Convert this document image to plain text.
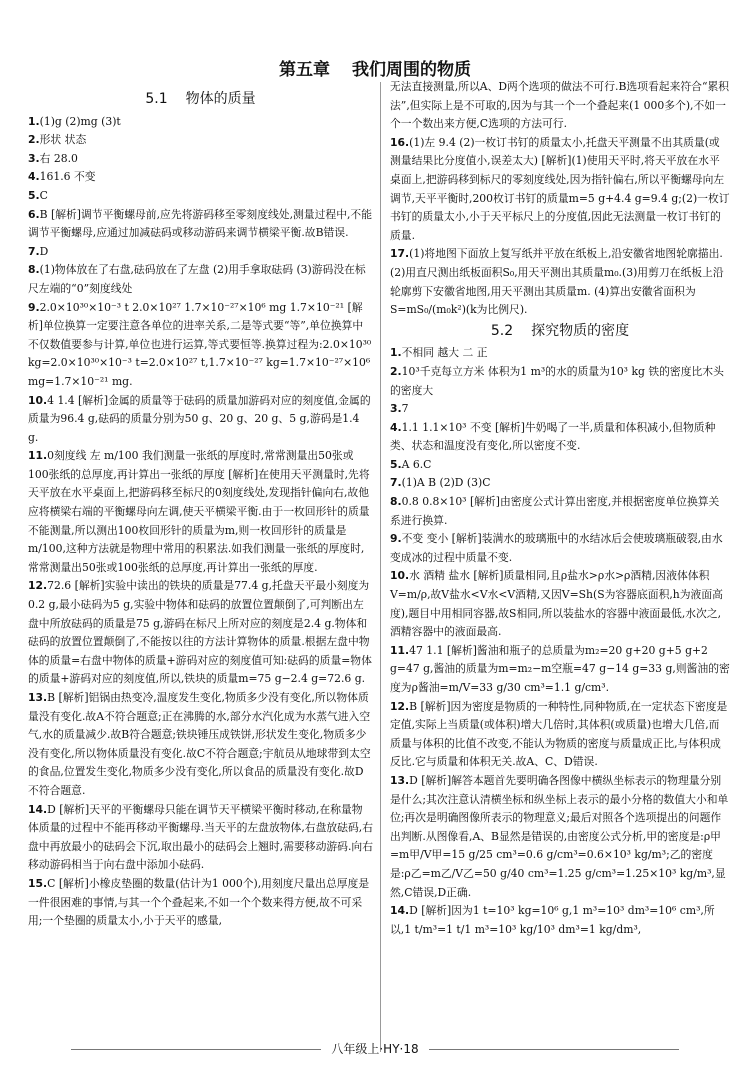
第五章 我们周围的物质
5.1 物体的质量

1.(1)g (2)mg (3)t

2.形状 状态

3.右 28.0

4.161.6 不变

5.C

6.B [解析]调节平衡螺母前,应先将游码移至零刻度线处,测量过程中,不能调节平衡螺母,应通过加减砝码或移动游码来调节横梁平衡.故B错误.

7.D

8.(1)物体放在了右盘,砝码放在了左盘 (2)用手拿取砝码 (3)游码没在标尺左端的“0”刻度线处

9.2.0×10³⁰×10⁻³ t 2.0×10²⁷ 1.7×10⁻²⁷×10⁶ mg 1.7×10⁻²¹ [解析]单位换算一定要注意各单位的进率关系,二是等式要“等”,单位换算中不仅数值要参与计算,单位也进行运算,等式要恒等.换算过程为:2.0×10³⁰ kg=2.0×10³⁰×10⁻³ t=2.0×10²⁷ t,1.7×10⁻²⁷ kg=1.7×10⁻²⁷×10⁶ mg=1.7×10⁻²¹ mg.

10.4 1.4 [解析]金属的质量等于砝码的质量加游码对应的刻度值,金属的质量为96.4 g,砝码的质量分别为50 g、20 g、20 g、5 g,游码是1.4 g.

11.0刻度线 左 m/100 我们测量一张纸的厚度时,常常测量出50张或100张纸的总厚度,再计算出一张纸的厚度 [解析]在使用天平测量时,先将天平放在水平桌面上,把游码移至标尺的0刻度线处,发现指针偏向右,故他应将横梁右端的平衡螺母向左调,使天平横梁平衡.由于一枚回形针的质量不能测量,所以测出100枚回形针的质量为m,则一枚回形针的质量是m/100,这种方法就是物理中常用的积累法.如我们测量一张纸的厚度时,常常测量出50张或100张纸的总厚度,再计算出一张纸的厚度.

12.72.6 [解析]实验中读出的铁块的质量是77.4 g,托盘天平最小刻度为0.2 g,最小砝码为5 g,实验中物体和砝码的放置位置颠倒了,可判断出左盘中所放砝码的质量是75 g,游码在标尺上所对应的刻度是2.4 g.物体和砝码的放置位置颠倒了,不能按以往的方法计算物体的质量.根据左盘中物体的质量=右盘中物体的质量+游码对应的刻度值可知:砝码的质量=物体的质量+游码对应的刻度值,所以,铁块的质量m=75 g−2.4 g=72.6 g.

13.B [解析]铝锅由热变冷,温度发生变化,物质多少没有变化,所以物体质量没有变化.故A不符合题意;正在沸腾的水,部分水汽化成为水蒸气进入空气,水的质量减少.故B符合题意;铁块锤压成铁饼,形状发生变化,物质多少没有变化,所以物体质量没有变化.故C不符合题意;宇航员从地球带到太空的食品,位置发生变化,物质多少没有变化,所以食品的质量没有变化.故D不符合题意.

14.D [解析]天平的平衡螺母只能在调节天平横梁平衡时移动,在称量物体质量的过程中不能再移动平衡螺母.当天平的左盘放物体,右盘放砝码,右盘中再放最小的砝码会下沉,取出最小的砝码会上翘时,需要移动游码.向右移动游码相当于向右盘中添加小砝码.

15.C [解析]小橡皮垫圈的数量(估计为1 000个),用刻度尺量出总厚度是一件很困难的事情,与其一个个叠起来,不如一个个数来得方便,故不可采用;一个垫圈的质量太小,小于天平的感量,

无法直接测量,所以A、D两个选项的做法不可行.B选项看起来符合“累积法”,但实际上是不可取的,因为与其一个一个叠起来(1 000多个),不如一个一个数出来方便,C选项的方法可行.

16.(1)左 9.4 (2)一枚订书钉的质量太小,托盘天平测量不出其质量(或测量结果比分度值小,误差太大) [解析](1)使用天平时,将天平放在水平桌面上,把游码移到标尺的零刻度线处,因为指针偏右,所以平衡螺母向左调节,天平平衡时,200枚订书钉的质量m=5 g+4.4 g=9.4 g;(2)一枚订书钉的质量太小,小于天平标尺上的分度值,因此无法测量一枚订书钉的质量.

17.(1)将地图下面放上复写纸并平放在纸板上,沿安徽省地图轮廓描出.(2)用直尺测出纸板面积S₀,用天平测出其质量m₀.(3)用剪刀在纸板上沿轮廓剪下安徽省地图,用天平测出其质量m. (4)算出安徽省面积为S=mS₀/(m₀k²)(k为比例尺).

5.2 探究物质的密度

1.不相同 越大 二 正

2.10³千克每立方米 体积为1 m³的水的质量为10³ kg 铁的密度比木头的密度大

3.7

4.1.1 1.1×10³ 不变 [解析]牛奶喝了一半,质量和体积减小,但物质种类、状态和温度没有变化,所以密度不变.

5.A 6.C

7.(1)A B (2)D (3)C

8.0.8 0.8×10³ [解析]由密度公式计算出密度,并根据密度单位换算关系进行换算.

9.不变 变小 [解析]装满水的玻璃瓶中的水结冰后会使玻璃瓶破裂,由水变成冰的过程中质量不变.

10.水 酒精 盐水 [解析]质量相同,且ρ盐水>ρ水>ρ酒精,因液体体积V=m/ρ,故V盐水<V水<V酒精,又因V=Sh(S为容器底面积,h为液面高度),题目中用相同容器,故S相同,所以装盐水的容器中液面最低,水次之,酒精容器中的液面最高.

11.47 1.1 [解析]酱油和瓶子的总质量为m₂=20 g+20 g+5 g+2 g=47 g,酱油的质量为m=m₂−m空瓶=47 g−14 g=33 g,则酱油的密度为ρ酱油=m/V=33 g/30 cm³=1.1 g/cm³.

12.B [解析]因为密度是物质的一种特性,同种物质,在一定状态下密度是定值,实际上当质量(或体积)增大几倍时,其体积(或质量)也增大几倍,而质量与体积的比值不改变,不能认为物质的密度与质量成正比,与体积成反比.它与质量和体积无关.故A、C、D错误.

13.D [解析]解答本题首先要明确各图像中横纵坐标表示的物理量分别是什么;其次注意认清横坐标和纵坐标上表示的最小分格的数值大小和单位;再次是明确图像所表示的物理意义;最后对照各个选项提出的问题作出判断.从图像看,A、B显然是错误的,由密度公式分析,甲的密度是:ρ甲=m甲/V甲=15 g/25 cm³=0.6 g/cm³=0.6×10³ kg/m³;乙的密度是:ρ乙=m乙/V乙=50 g/40 cm³=1.25 g/cm³=1.25×10³ kg/m³,显然,C错误,D正确.

14.D [解析]因为1 t=10³ kg=10⁶ g,1 m³=10³ dm³=10⁶ cm³,所以,1 t/m³=1 t/1 m³=10³ kg/10³ dm³=1 kg/dm³,

八年级上·HY·18
